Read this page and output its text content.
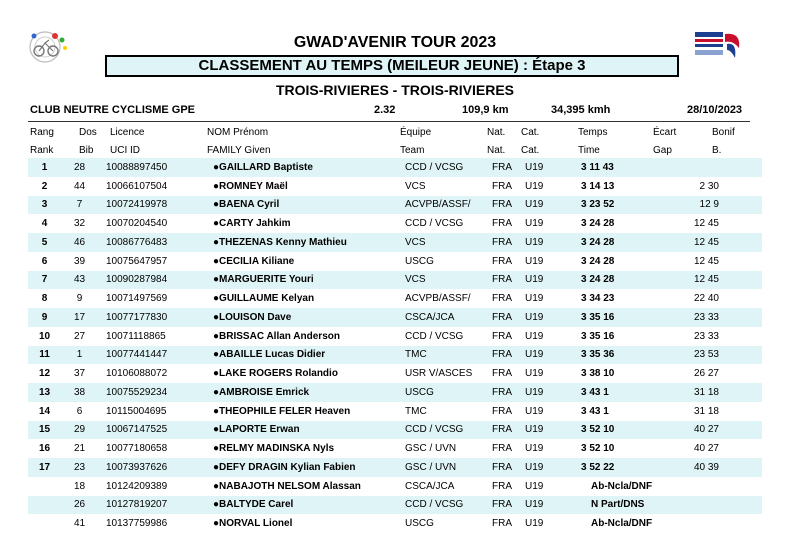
GWAD'AVENIR TOUR 2023
CLASSEMENT AU TEMPS (MEILEUR JEUNE) : Étape 3
TROIS-RIVIERES - TROIS-RIVIERES
CLUB NEUTRE CYCLISME GPE	2.32	109,9 km	34,395 kmh	28/10/2023
Rang	Dos Licence	NOM Prénom	Équipe	Nat. Cat.	Temps	Écart	Bonif
Rank	Bib UCI ID	FAMILY Given	Team	Nat. Cat.	Time	Gap	B.
1	28	10088897450	●GAILLARD Baptiste	CCD / VCSG	FRA	U19	3 11 43		
2	44	10066107504	●ROMNEY Maël	VCS	FRA	U19	3 14 13	2 30	
3	7	10072419978	●BAENA Cyril	ACVPB/ASSF/	FRA	U19	3 23 52	12 9	
4	32	10070204540	●CARTY Jahkim	CCD / VCSG	FRA	U19	3 24 28	12 45	
5	46	10086776483	●THEZENAS Kenny Mathieu	VCS	FRA	U19	3 24 28	12 45	
6	39	10075647957	●CECILIA Kiliane	USCG	FRA	U19	3 24 28	12 45	
7	43	10090287984	●MARGUERITE Youri	VCS	FRA	U19	3 24 28	12 45	
8	9	10071497569	●GUILLAUME Kelyan	ACVPB/ASSF/	FRA	U19	3 34 23	22 40	
9	17	10077177830	●LOUISON Dave	CSCA/JCA	FRA	U19	3 35 16	23 33	
10	27	10071118865	●BRISSAC Allan Anderson	CCD / VCSG	FRA	U19	3 35 16	23 33	
11	1	10077441447	●ABAILLE Lucas Didier	TMC	FRA	U19	3 35 36	23 53	
12	37	10106088072	●LAKE ROGERS Rolandio	USR V/ASCES	FRA	U19	3 38 10	26 27	
13	38	10075529234	●AMBROISE Emrick	USCG	FRA	U19	3 43 1	31 18	
14	6	10115004695	●THEOPHILE FELER Heaven	TMC	FRA	U19	3 43 1	31 18	
15	29	10067147525	●LAPORTE Erwan	CCD / VCSG	FRA	U19	3 52 10	40 27	
16	21	10077180658	●RELMY MADINSKA Nyls	GSC / UVN	FRA	U19	3 52 10	40 27	
17	23	10073937626	●DEFY DRAGIN Kylian Fabien	GSC / UVN	FRA	U19	3 52 22	40 39	
	18	10124209389	●NABAJOTH NELSOM Alassan	CSCA/JCA	FRA	U19	Ab-Ncla/DNF		
	26	10127819207	●BALTYDE Carel	CCD / VCSG	FRA	U19	N Part/DNS		
	41	10137759986	●NORVAL Lionel	USCG	FRA	U19	Ab-Ncla/DNF		
